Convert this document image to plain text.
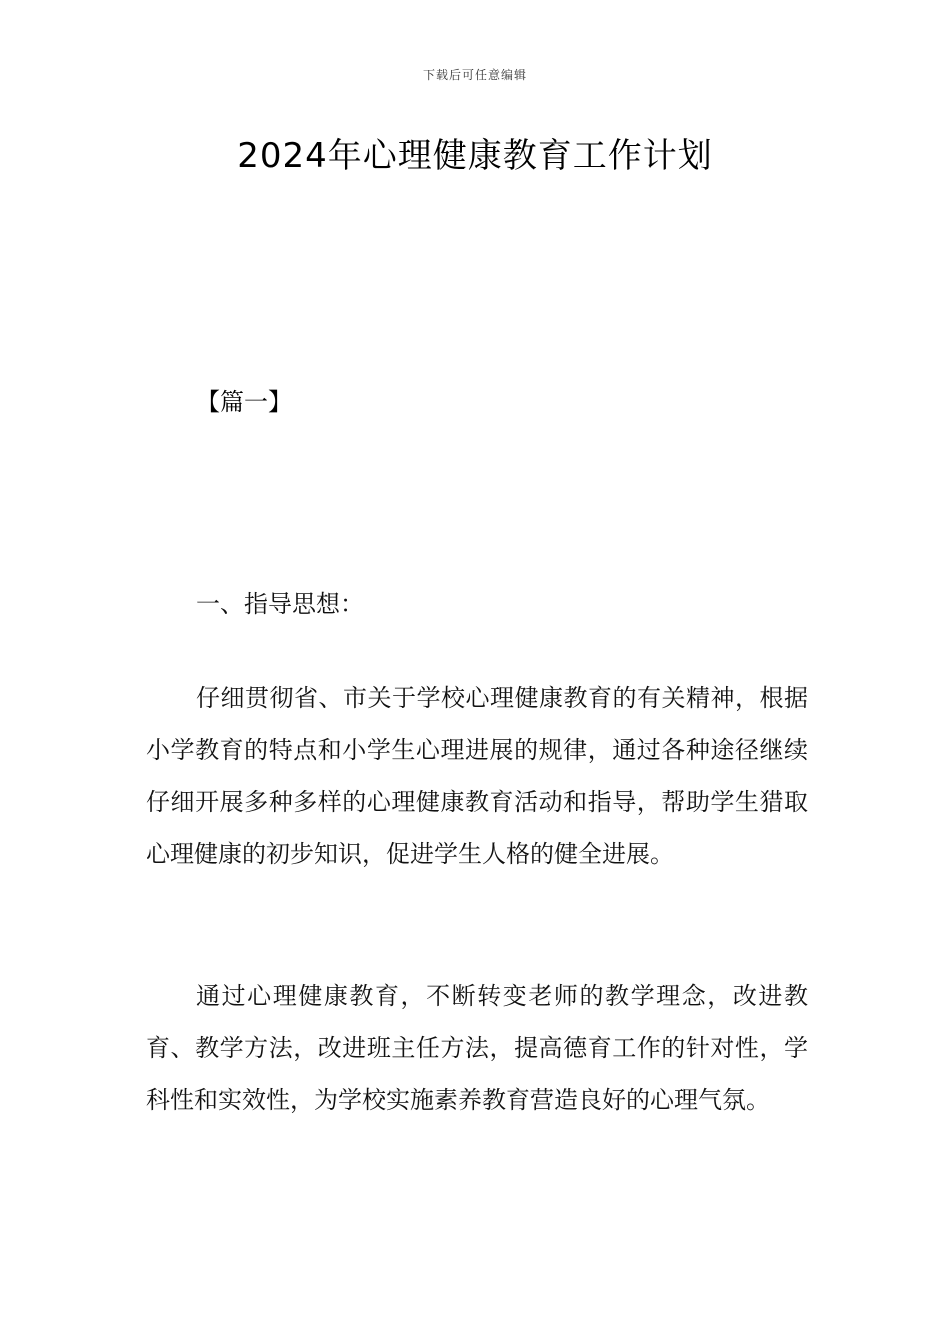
下载后可任意编辑
2024年心理健康教育工作计划
【篇一】
一、指导思想：
仔细贯彻省、市关于学校心理健康教育的有关精神，根据小学教育的特点和小学生心理进展的规律，通过各种途径继续仔细开展多种多样的心理健康教育活动和指导，帮助学生猎取心理健康的初步知识，促进学生人格的健全进展。
通过心理健康教育，不断转变老师的教学理念，改进教育、教学方法，改进班主任方法，提高德育工作的针对性，学科性和实效性，为学校实施素养教育营造良好的心理气氛。
